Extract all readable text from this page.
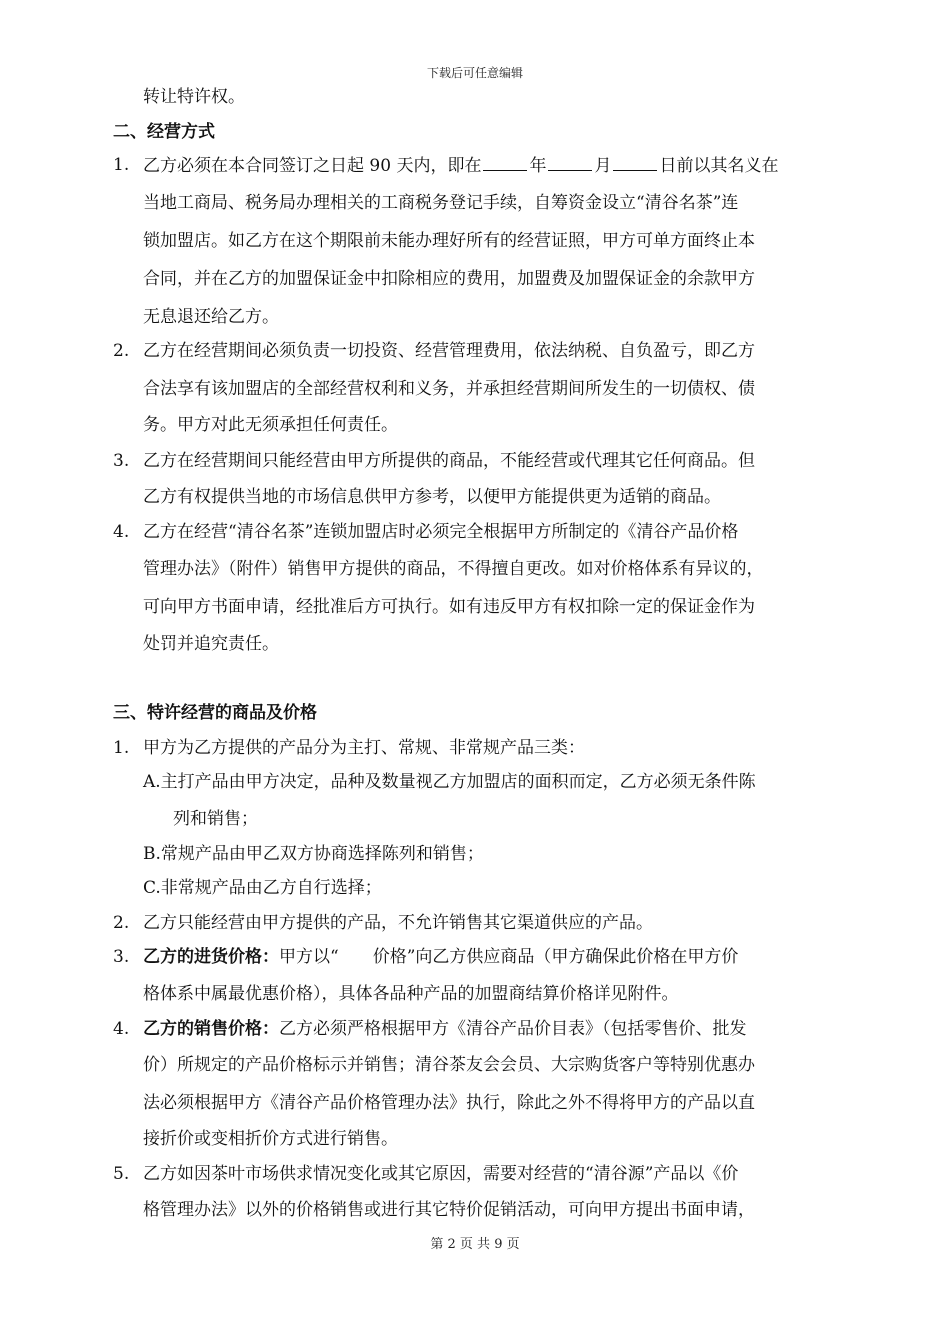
下载后可任意编辑
转让特许权。
二、经营方式
1. 乙方必须在本合同签订之日起 90 天内，即在	年	月	日前以其名义在
当地工商局、税务局办理相关的工商税务登记手续，自筹资金设立“清谷名茶”连
锁加盟店。如乙方在这个期限前未能办理好所有的经营证照，甲方可单方面终止本
合同，并在乙方的加盟保证金中扣除相应的费用，加盟费及加盟保证金的余款甲方
无息退还给乙方。
2. 乙方在经营期间必须负责一切投资、经营管理费用，依法纳税、自负盈亏，即乙方
合法享有该加盟店的全部经营权利和义务，并承担经营期间所发生的一切债权、债
务。甲方对此无须承担任何责任。
3. 乙方在经营期间只能经营由甲方所提供的商品，不能经营或代理其它任何商品。但
乙方有权提供当地的市场信息供甲方参考，以便甲方能提供更为适销的商品。
4. 乙方在经营“清谷名茶”连锁加盟店时必须完全根据甲方所制定的《清谷产品价格
管理办法》（附件）销售甲方提供的商品，不得擅自更改。如对价格体系有异议的，
可向甲方书面申请，经批准后方可执行。如有违反甲方有权扣除一定的保证金作为
处罚并追究责任。
三、特许经营的商品及价格
1. 甲方为乙方提供的产品分为主打、常规、非常规产品三类：
A.主打产品由甲方决定，品种及数量视乙方加盟店的面积而定，乙方必须无条件陈
列和销售；
B.常规产品由甲乙双方协商选择陈列和销售；
C.非常规产品由乙方自行选择；
2. 乙方只能经营由甲方提供的产品，不允许销售其它渠道供应的产品。
3. 乙方的进货价格：甲方以“　　价格”向乙方供应商品（甲方确保此价格在甲方价
格体系中属最优惠价格），具体各品种产品的加盟商结算价格详见附件。
4. 乙方的销售价格：乙方必须严格根据甲方《清谷产品价目表》（包括零售价、批发
价）所规定的产品价格标示并销售；清谷茶友会会员、大宗购货客户等特别优惠办
法必须根据甲方《清谷产品价格管理办法》执行，除此之外不得将甲方的产品以直
接折价或变相折价方式进行销售。
5. 乙方如因茶叶市场供求情况变化或其它原因，需要对经营的“清谷源”产品以《价
格管理办法》以外的价格销售或进行其它特价促销活动，可向甲方提出书面申请，
第 2 页 共 9 页
